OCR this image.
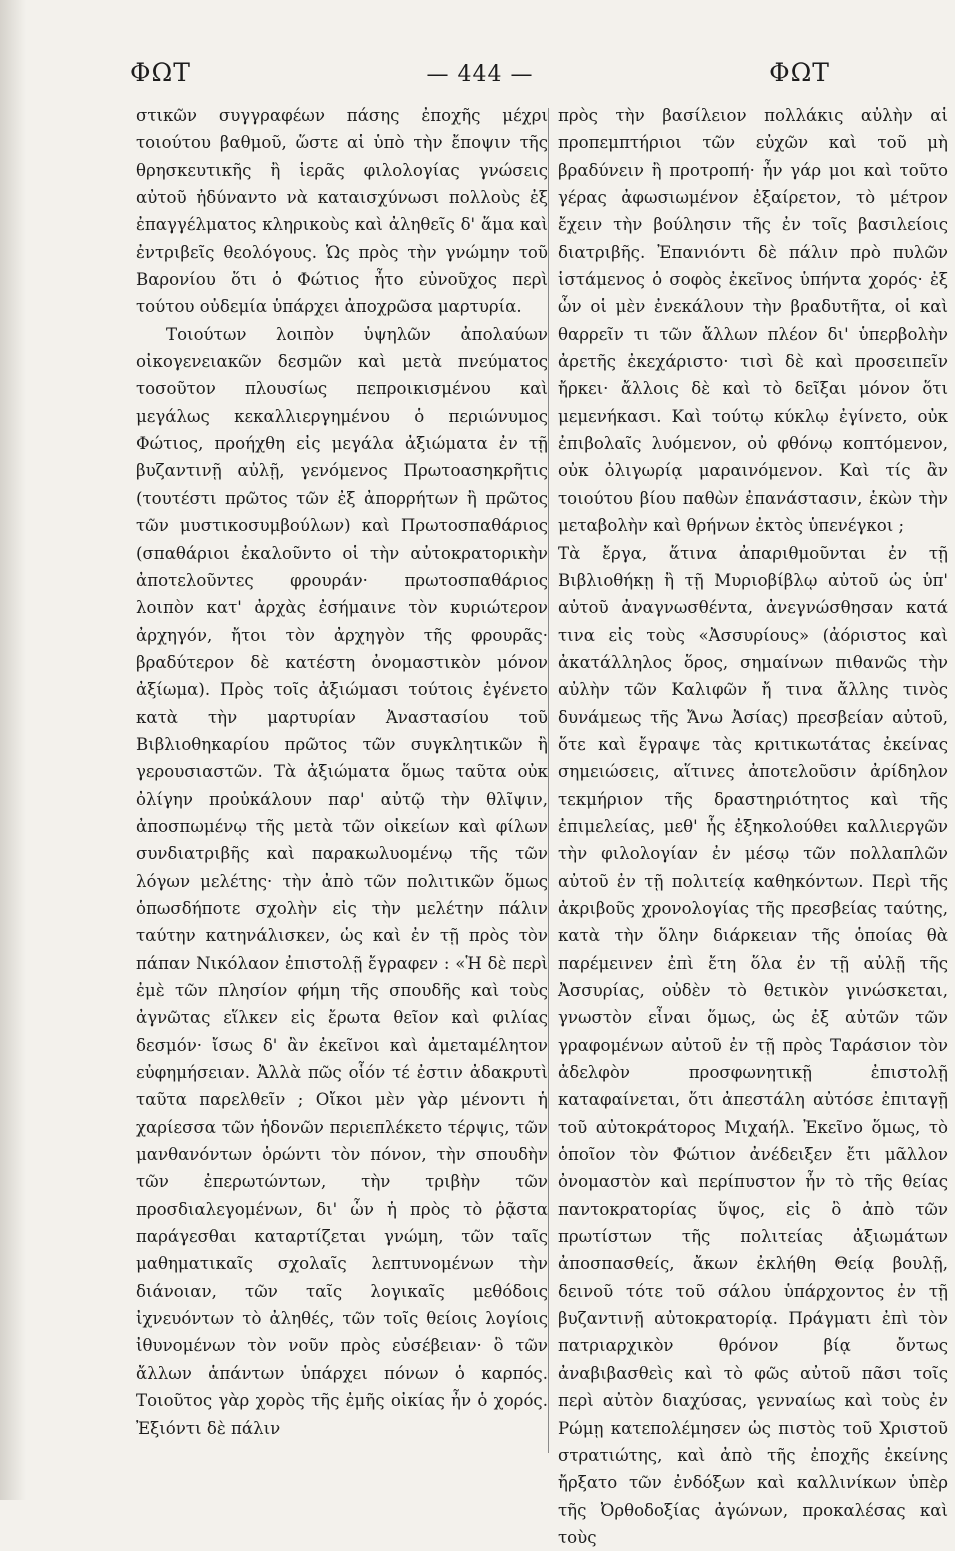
ΦΩΤ	— 444 —	ΦΩΤ

στικῶν συγγραφέων πάσης ἐποχῆς μέχρι τοιούτου βαθμοῦ, ὥστε αἱ ὑπὸ τὴν ἔποψιν τῆς θρησκευτικῆς ἢ ἱερᾶς φιλολογίας γνώσεις αὐτοῦ ἠδύναντο νὰ καταισχύνωσι πολλοὺς ἐξ ἐπαγγέλματος κληρικοὺς καὶ ἀληθεῖς δ' ἅμα καὶ ἐντριβεῖς θεολόγους. Ὡς πρὸς τὴν γνώμην τοῦ Βαρονίου ὅτι ὁ Φώτιος ἦτο εὐνοῦχος περὶ τούτου οὐδεμία ὑπάρχει ἀποχρῶσα μαρτυρία.

Τοιούτων λοιπὸν ὑψηλῶν ἀπολαύων οἰκογενειακῶν δεσμῶν καὶ μετὰ πνεύματος τοσοῦτον πλουσίως πεπροικισμένου καὶ μεγάλως κεκαλλιεργημένου ὁ περιώνυμος Φώτιος, προήχθη εἰς μεγάλα ἀξιώματα ἐν τῇ βυζαντινῇ αὐλῇ, γενόμενος Πρωτοασηκρῆτις (τουτέστι πρῶτος τῶν ἐξ ἀπορρήτων ἢ πρῶτος τῶν μυστικοσυμβούλων) καὶ Πρωτοσπαθάριος (σπαθάριοι ἐκαλοῦντο οἱ τὴν αὐτοκρατορικὴν ἀποτελοῦντες φρουράν· πρωτοσπαθάριος λοιπὸν κατ' ἀρχὰς ἐσήμαινε τὸν κυριώτερον ἀρχηγόν, ἤτοι τὸν ἀρχηγὸν τῆς φρουρᾶς· βραδύτερον δὲ κατέστη ὀνομαστικὸν μόνον ἀξίωμα). Πρὸς τοῖς ἀξιώμασι τούτοις ἐγένετο κατὰ τὴν μαρτυρίαν Ἀναστασίου τοῦ Βιβλιοθηκαρίου πρῶτος τῶν συγκλητικῶν ἢ γερουσιαστῶν. Τὰ ἀξιώματα ὅμως ταῦτα οὐκ ὀλίγην προὐκάλουν παρ' αὐτῷ τὴν θλῖψιν, ἀποσπωμένῳ τῆς μετὰ τῶν οἰκείων καὶ φίλων συνδιατριβῆς καὶ παρακωλυομένῳ τῆς τῶν λόγων μελέτης· τὴν ἀπὸ τῶν πολιτικῶν ὅμως ὁπωσδήποτε σχολὴν εἰς τὴν μελέτην πάλιν ταύτην κατηνάλισκεν, ὡς καὶ ἐν τῇ πρὸς τὸν πάπαν Νικόλαον ἐπιστολῇ ἔγραφεν : «Ἡ δὲ περὶ ἐμὲ τῶν πλησίον φήμη τῆς σπουδῆς καὶ τοὺς ἀγνῶτας εἵλκεν εἰς ἔρωτα θεῖον καὶ φιλίας δεσμόν· ἴσως δ' ἂν ἐκεῖνοι καὶ ἀμεταμέλητον εὐφημήσειαν. Ἀλλὰ πῶς οἷόν τέ ἐστιν ἀδακρυτὶ ταῦτα παρελθεῖν ; Οἴκοι μὲν γὰρ μένοντι ἡ χαρίεσσα τῶν ἡδονῶν περιεπλέκετο τέρψις, τῶν μανθανόντων ὁρώντι τὸν πόνον, τὴν σπουδὴν τῶν ἐπερωτώντων, τὴν τριβὴν τῶν προσδιαλεγομένων, δι' ὧν ἡ πρὸς τὸ ῥᾷστα παράγεσθαι καταρτίζεται γνώμη, τῶν ταῖς μαθηματικαῖς σχολαῖς λεπτυνομένων τὴν διάνοιαν, τῶν ταῖς λογικαῖς μεθόδοις ἰχνευόντων τὸ ἀληθές, τῶν τοῖς θείοις λογίοις ἰθυνομένων τὸν νοῦν πρὸς εὐσέβειαν· ὃ τῶν ἄλλων ἁπάντων ὑπάρχει πόνων ὁ καρπός. Τοιοῦτος γὰρ χορὸς τῆς ἐμῆς οἰκίας ἦν ὁ χορός. Ἐξιόντι δὲ πάλιν

πρὸς τὴν βασίλειον πολλάκις αὐλὴν αἱ προπεμπτήριοι τῶν εὐχῶν καὶ τοῦ μὴ βραδύνειν ἢ προτροπή· ἦν γάρ μοι καὶ τοῦτο γέρας ἀφωσιωμένον ἐξαίρετον, τὸ μέτρον ἔχειν τὴν βούλησιν τῆς ἐν τοῖς βασιλείοις διατριβῆς. Ἐπανιόντι δὲ πάλιν πρὸ πυλῶν ἱστάμενος ὁ σοφὸς ἐκεῖνος ὑπήντα χορός· ἐξ ὧν οἱ μὲν ἐνεκάλουν τὴν βραδυτῆτα, οἱ καὶ θαρρεῖν τι τῶν ἄλλων πλέον δι' ὑπερβολὴν ἀρετῆς ἐκεχάριστο· τισὶ δὲ καὶ προσειπεῖν ἤρκει· ἄλλοις δὲ καὶ τὸ δεῖξαι μόνον ὅτι μεμενήκασι. Καὶ τούτῳ κύκλῳ ἐγίνετο, οὐκ ἐπιβολαῖς λυόμενον, οὐ φθόνῳ κοπτόμενον, οὐκ ὀλιγωρίᾳ μαραινόμενον. Καὶ τίς ἂν τοιούτου βίου παθὼν ἐπανάστασιν, ἑκὼν τὴν μεταβολὴν καὶ θρήνων ἐκτὸς ὑπενέγκοι ;

Τὰ ἔργα, ἅτινα ἀπαριθμοῦνται ἐν τῇ Βιβλιοθήκῃ ἢ τῇ Μυριοβίβλῳ αὐτοῦ ὡς ὑπ' αὐτοῦ ἀναγνωσθέντα, ἀνεγνώσθησαν κατά τινα εἰς τοὺς «Ἀσσυρίους» (ἀόριστος καὶ ἀκατάλληλος ὅρος, σημαίνων πιθανῶς τὴν αὐλὴν τῶν Καλιφῶν ἤ τινα ἄλλης τινὸς δυνάμεως τῆς Ἄνω Ἀσίας) πρεσβείαν αὐτοῦ, ὅτε καὶ ἔγραψε τὰς κριτικωτάτας ἐκείνας σημειώσεις, αἵτινες ἀποτελοῦσιν ἀρίδηλον τεκμήριον τῆς δραστηριότητος καὶ τῆς ἐπιμελείας, μεθ' ἧς ἐξηκολούθει καλλιεργῶν τὴν φιλολογίαν ἐν μέσῳ τῶν πολλαπλῶν αὐτοῦ ἐν τῇ πολιτείᾳ καθηκόντων. Περὶ τῆς ἀκριβοῦς χρονολογίας τῆς πρεσβείας ταύτης, κατὰ τὴν ὅλην διάρκειαν τῆς ὁποίας θὰ παρέμεινεν ἐπὶ ἔτη ὅλα ἐν τῇ αὐλῇ τῆς Ἀσσυρίας, οὐδὲν τὸ θετικὸν γινώσκεται, γνωστὸν εἶναι ὅμως, ὡς ἐξ αὐτῶν τῶν γραφομένων αὐτοῦ ἐν τῇ πρὸς Ταράσιον τὸν ἀδελφὸν προσφωνητικῇ ἐπιστολῇ καταφαίνεται, ὅτι ἀπεστάλη αὐτόσε ἐπιταγῇ τοῦ αὐτοκράτορος Μιχαήλ. Ἐκεῖνο ὅμως, τὸ ὁποῖον τὸν Φώτιον ἀνέδειξεν ἔτι μᾶλλον ὀνομαστὸν καὶ περίπυστον ἦν τὸ τῆς θείας παντοκρατορίας ὕψος, εἰς ὃ ἀπὸ τῶν πρωτίστων τῆς πολιτείας ἀξιωμάτων ἀποσπασθείς, ἄκων ἐκλήθη Θείᾳ βουλῇ, δεινοῦ τότε τοῦ σάλου ὑπάρχοντος ἐν τῇ βυζαντινῇ αὐτοκρατορίᾳ. Πράγματι ἐπὶ τὸν πατριαρχικὸν θρόνον βίᾳ ὄντως ἀναβιβασθεὶς καὶ τὸ φῶς αὐτοῦ πᾶσι τοῖς περὶ αὐτὸν διαχύσας, γενναίως καὶ τοὺς ἐν Ρώμῃ κατεπολέμησεν ὡς πιστὸς τοῦ Χριστοῦ στρατιώτης, καὶ ἀπὸ τῆς ἐποχῆς ἐκείνης ἤρξατο τῶν ἐνδόξων καὶ καλλινίκων ὑπὲρ τῆς Ὀρθοδοξίας ἀγώνων, προκαλέσας καὶ τοὺς
